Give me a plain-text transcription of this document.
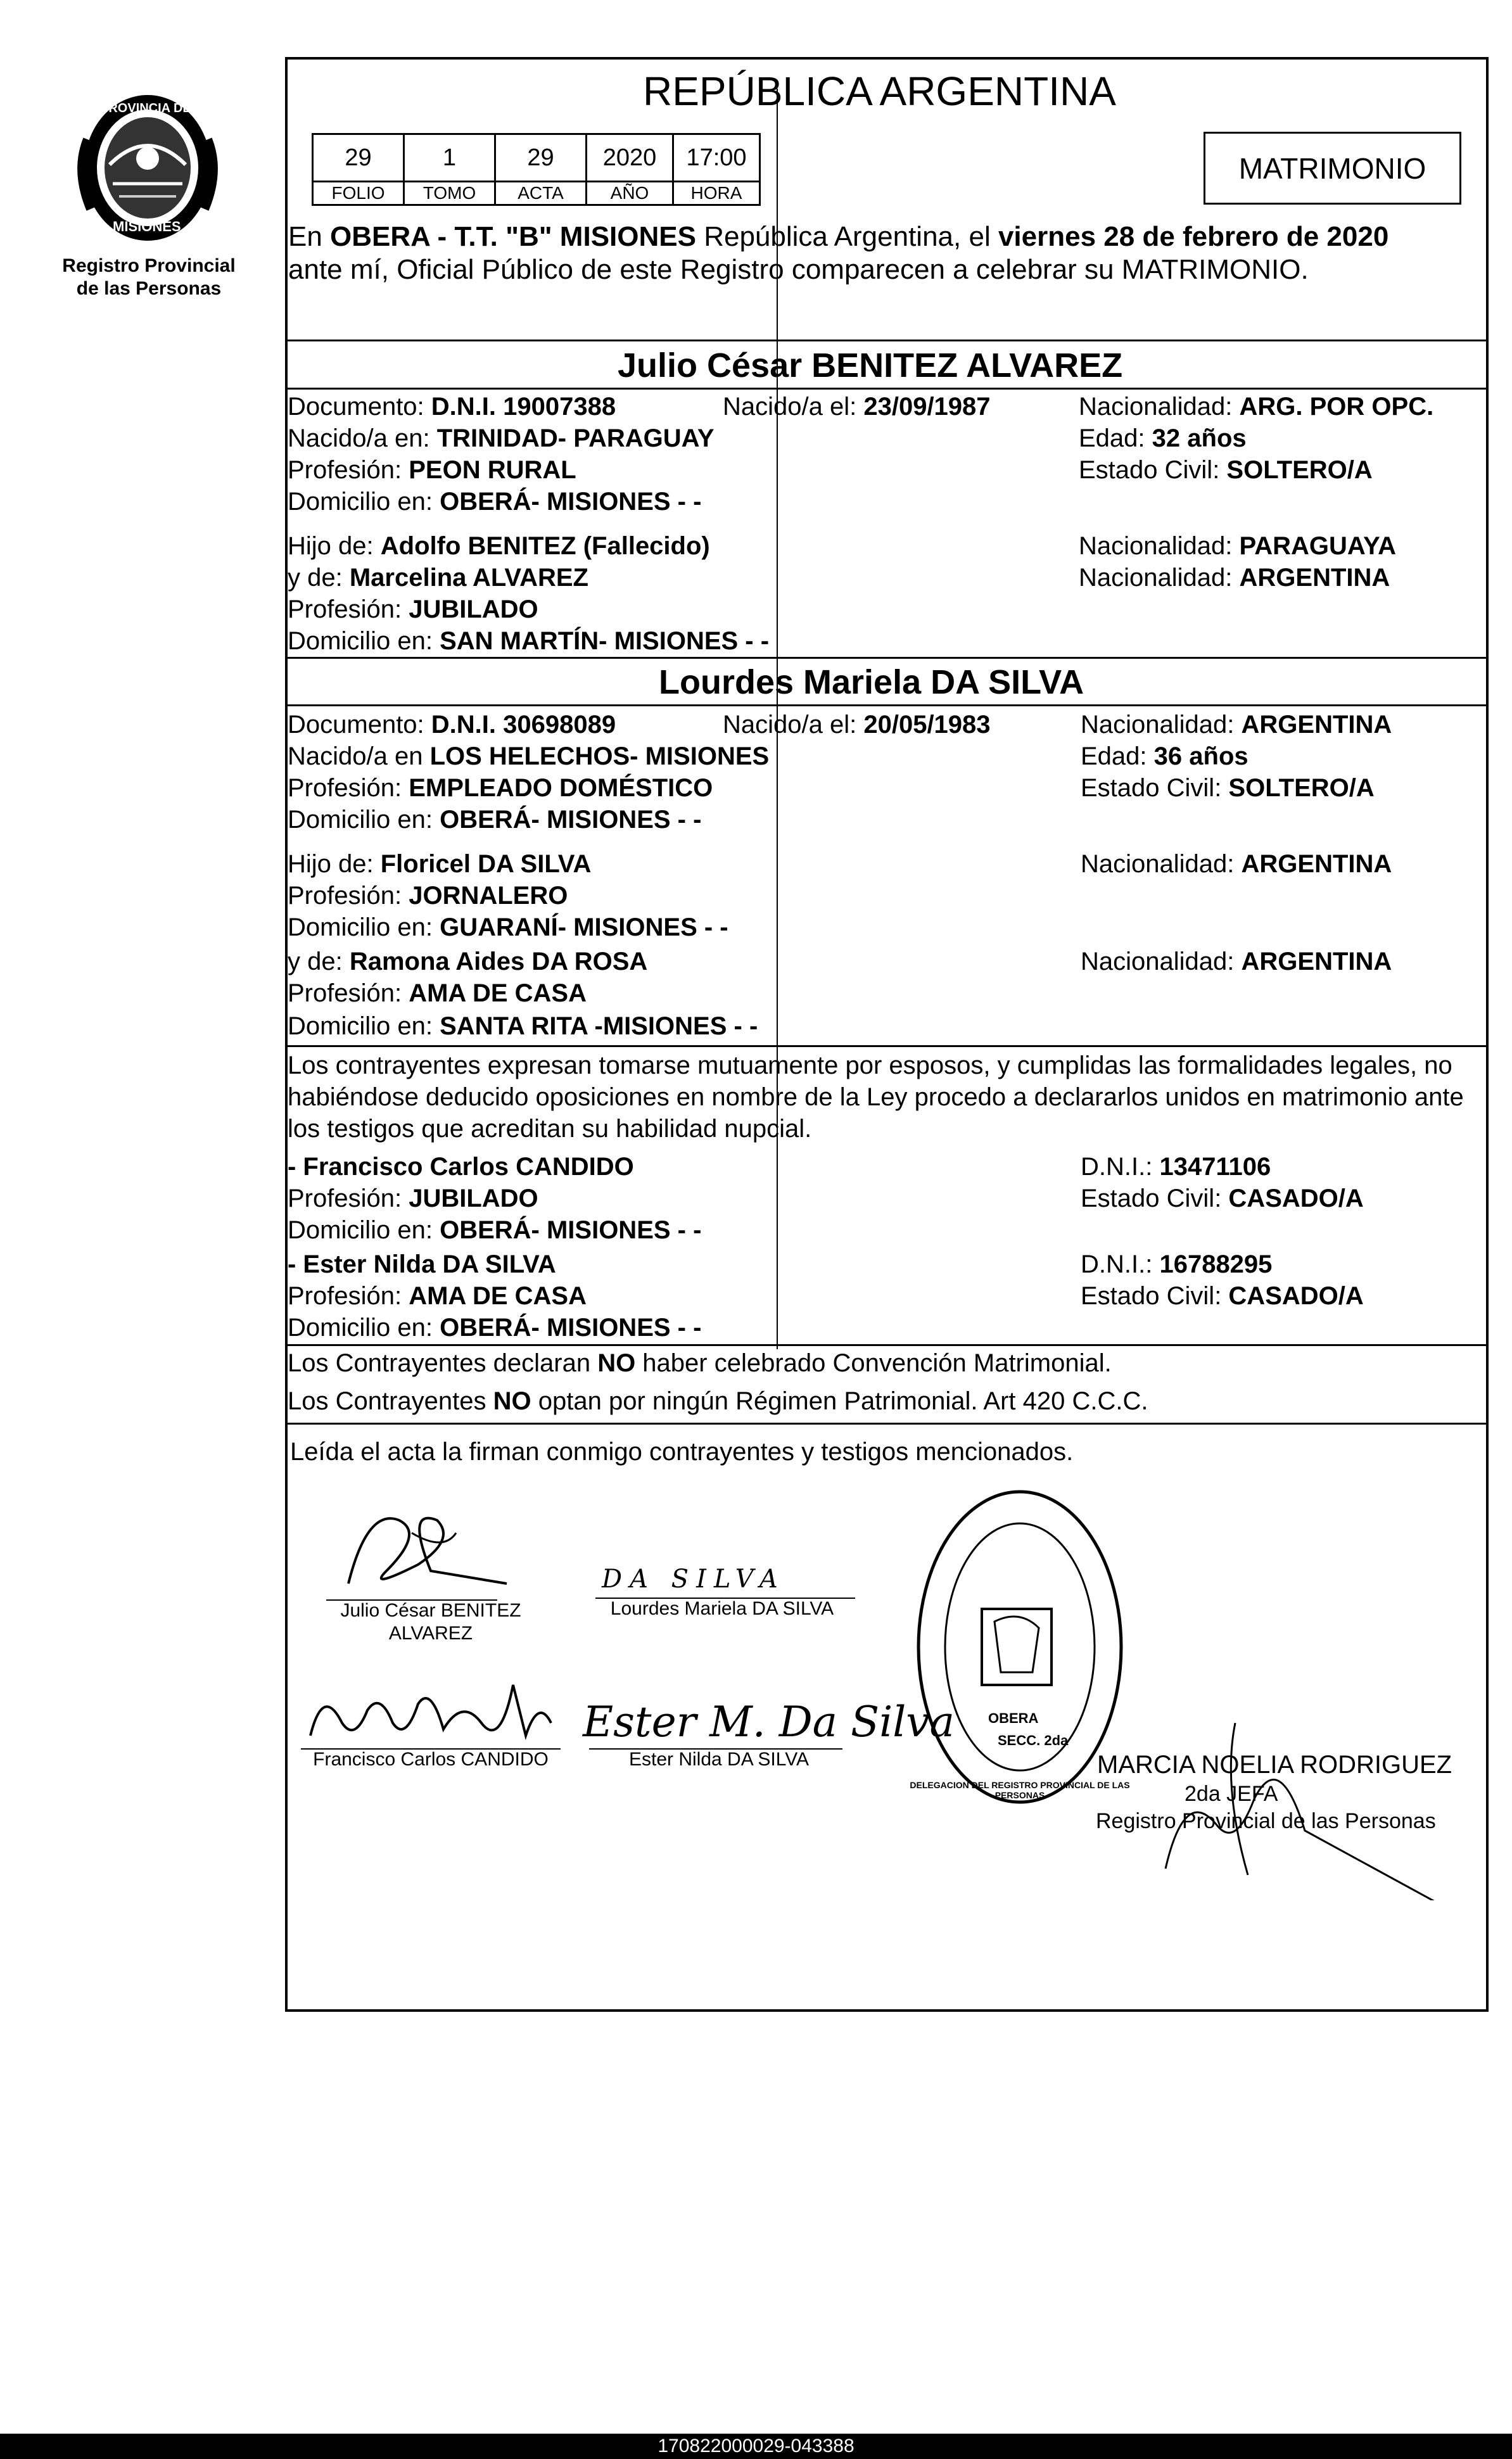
PROVINCIA DE
MISIONES
Registro Provincial
de las Personas
REPÚBLICA ARGENTINA
29	1	29	2020	17:00
FOLIO	TOMO	ACTA	AÑO	HORA
MATRIMONIO
En OBERA - T.T. "B" MISIONES República Argentina, el viernes 28 de febrero de 2020
ante mí, Oficial Público de este Registro comparecen a celebrar su MATRIMONIO.
Julio César BENITEZ ALVAREZ
Documento: D.N.I. 19007388	Nacido/a el: 23/09/1987	Nacionalidad: ARG. POR OPC.
Nacido/a en: TRINIDAD- PARAGUAY	Edad: 32 años
Profesión: PEON RURAL	Estado Civil: SOLTERO/A
Domicilio en: OBERÁ- MISIONES - -
Hijo de: Adolfo BENITEZ (Fallecido)	Nacionalidad: PARAGUAYA
y de: Marcelina ALVAREZ	Nacionalidad: ARGENTINA
Profesión: JUBILADO
Domicilio en: SAN MARTÍN- MISIONES - -
Lourdes Mariela DA SILVA
Documento: D.N.I. 30698089	Nacido/a el: 20/05/1983	Nacionalidad: ARGENTINA
Nacido/a en LOS HELECHOS- MISIONES	Edad: 36 años
Profesión: EMPLEADO DOMÉSTICO	Estado Civil: SOLTERO/A
Domicilio en: OBERÁ- MISIONES - -
Hijo de: Floricel DA SILVA	Nacionalidad: ARGENTINA
Profesión: JORNALERO
Domicilio en: GUARANÍ- MISIONES - -
y de: Ramona Aides DA ROSA	Nacionalidad: ARGENTINA
Profesión: AMA DE CASA
Domicilio en: SANTA RITA -MISIONES - -
Los contrayentes expresan tomarse mutuamente por esposos, y cumplidas las formalidades legales, no
habiéndose deducido oposiciones en nombre de la Ley procedo a declararlos unidos en matrimonio ante
los testigos que acreditan su habilidad nupcial.
- Francisco Carlos CANDIDO	D.N.I.: 13471106
Profesión: JUBILADO	Estado Civil: CASADO/A
Domicilio en: OBERÁ- MISIONES - -
- Ester Nilda DA SILVA	D.N.I.: 16788295
Profesión: AMA DE CASA	Estado Civil: CASADO/A
Domicilio en: OBERÁ- MISIONES - -
Los Contrayentes declaran NO haber celebrado Convención Matrimonial.
Los Contrayentes NO optan por ningún Régimen Patrimonial. Art 420 C.C.C.
Leída el acta la firman conmigo contrayentes y testigos mencionados.
Julio César BENITEZ
ALVAREZ
DA SILVA
Lourdes Mariela DA SILVA
Francisco Carlos CANDIDO
Ester M. Da Silva
Ester Nilda DA SILVA
OBERA
SECC. 2da
DELEGACION DEL REGISTRO PROVINCIAL DE LAS PERSONAS
MARCIA NOELIA RODRIGUEZ
2da JEFA
Registro Provincial de las Personas
170822000029-043388
